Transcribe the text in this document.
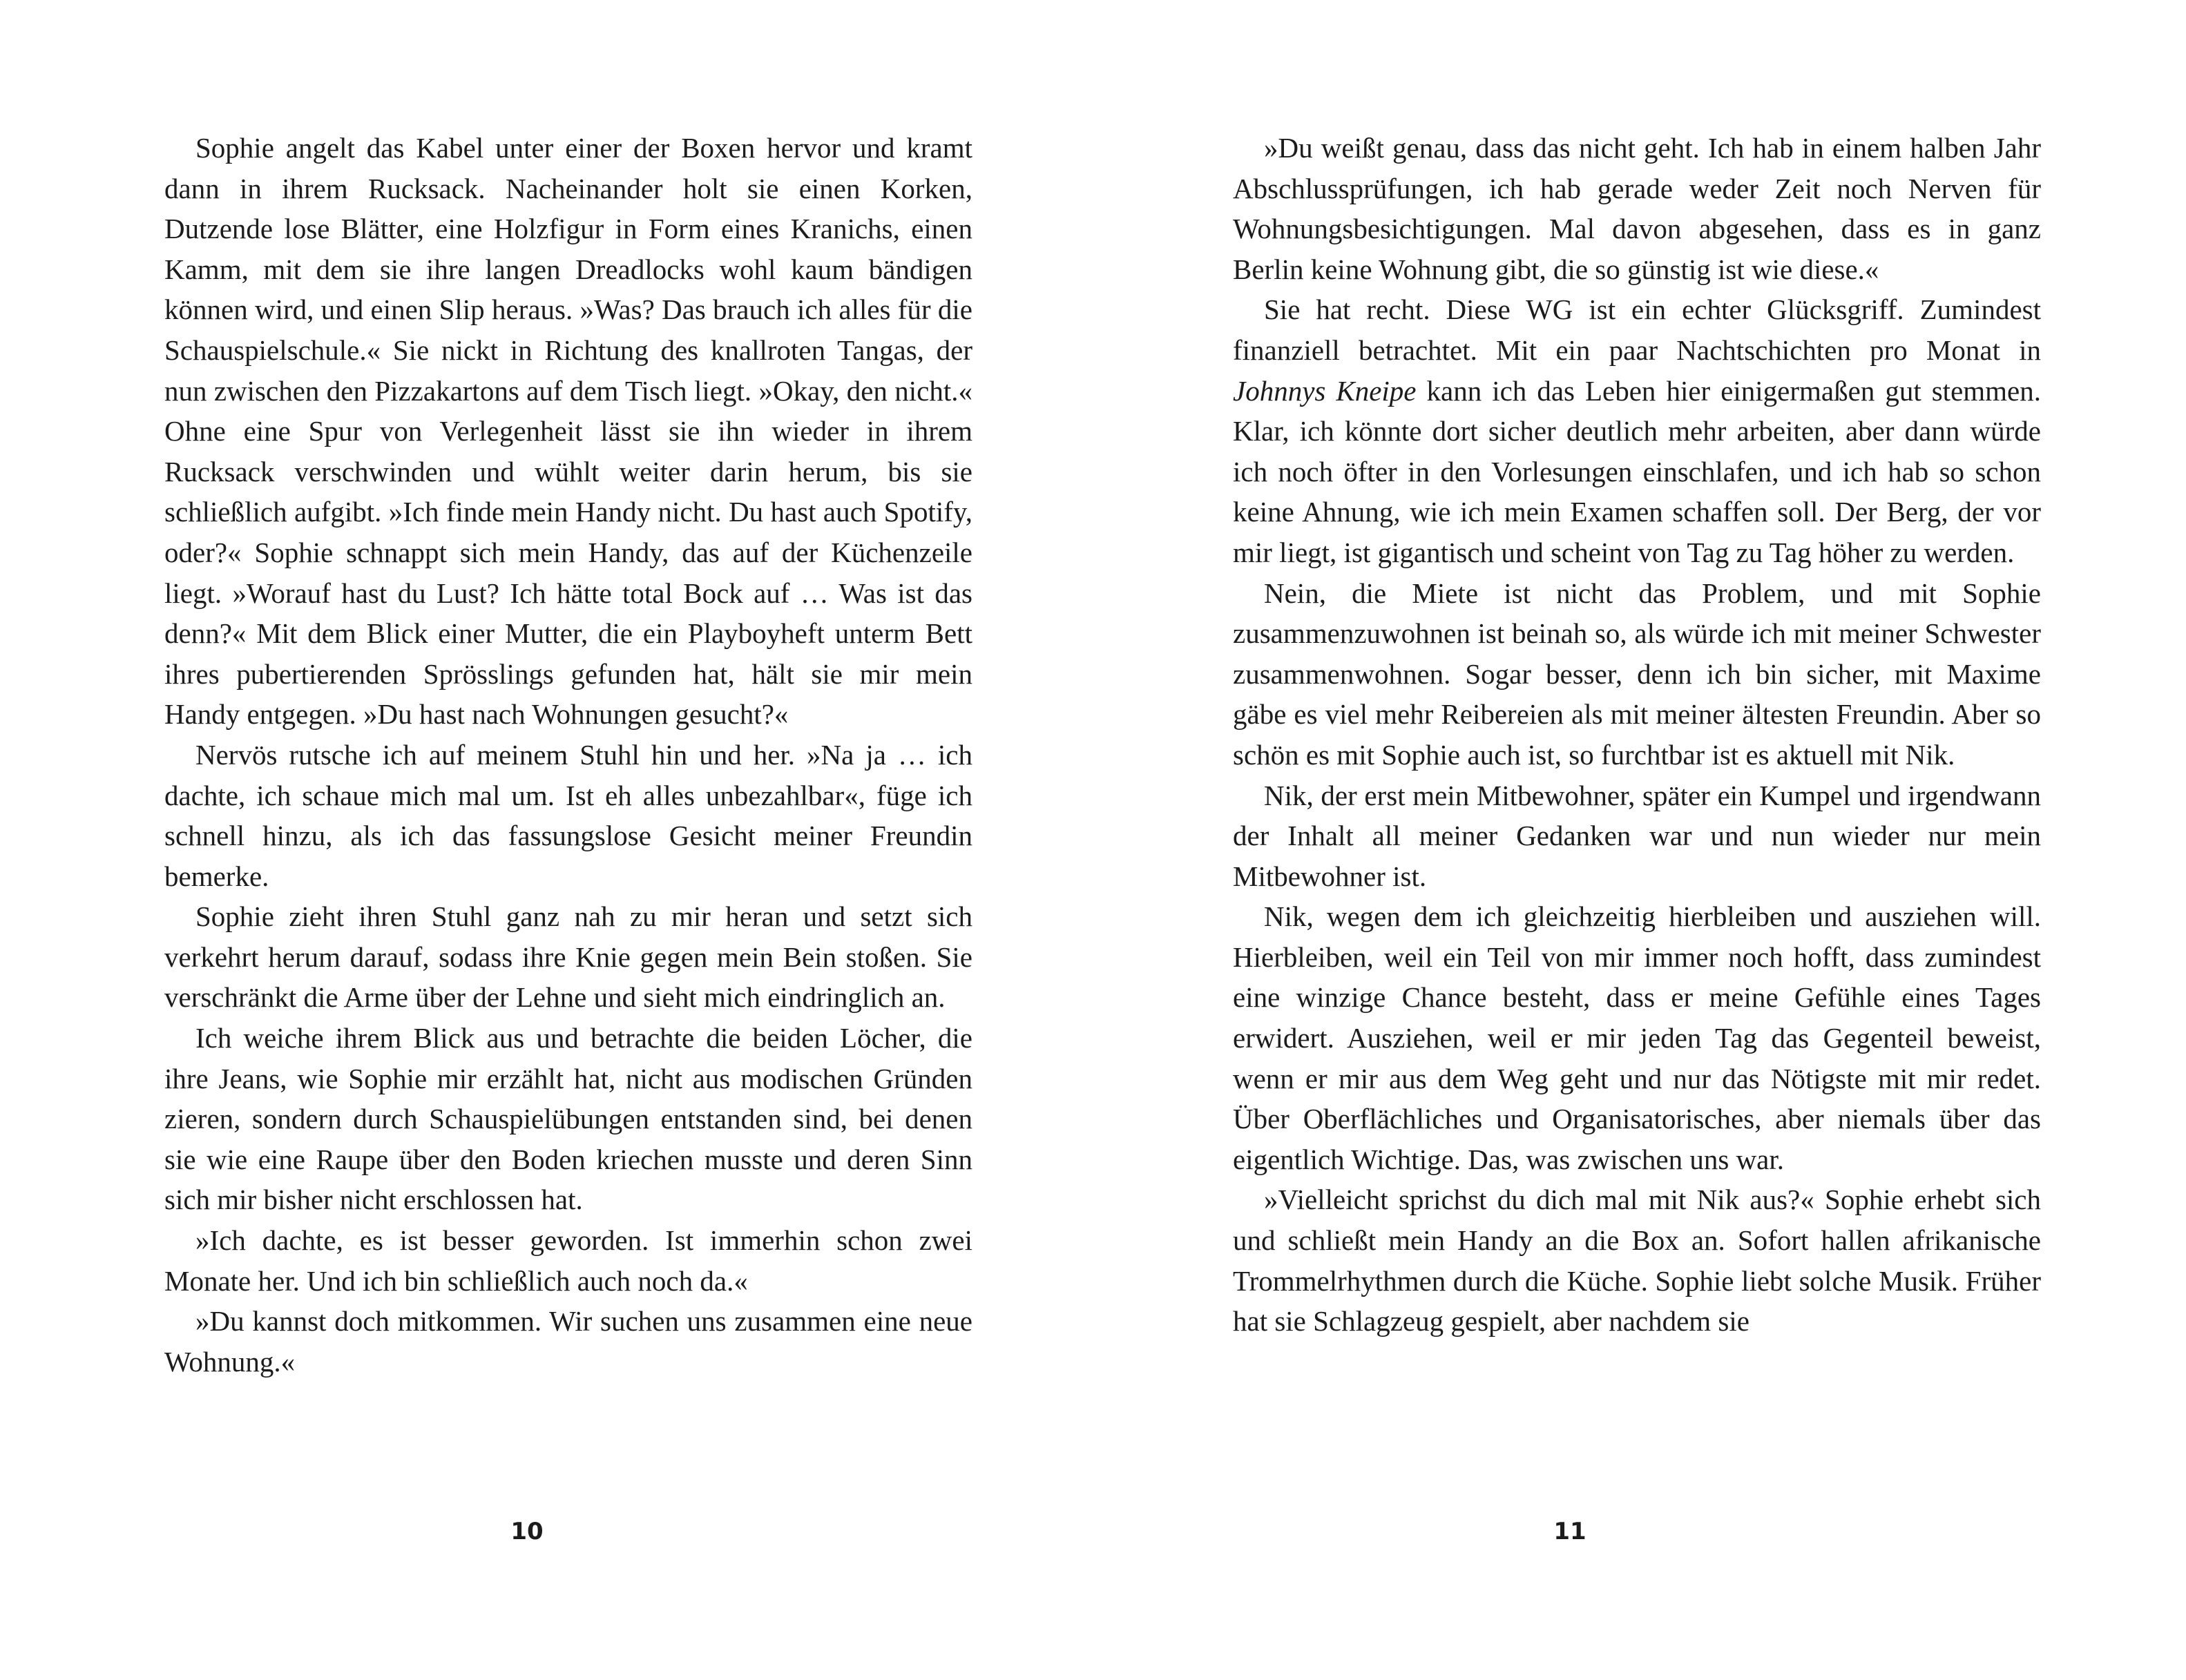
Sophie angelt das Kabel unter einer der Boxen hervor und kramt dann in ihrem Rucksack. Nacheinander holt sie einen Korken, Dutzende lose Blätter, eine Holzfigur in Form eines Kranichs, einen Kamm, mit dem sie ihre langen Dreadlocks wohl kaum bändigen können wird, und einen Slip heraus. »Was? Das brauch ich alles für die Schauspielschule.« Sie nickt in Richtung des knallroten Tangas, der nun zwischen den Pizzakartons auf dem Tisch liegt. »Okay, den nicht.« Ohne eine Spur von Verlegenheit lässt sie ihn wieder in ihrem Rucksack verschwinden und wühlt weiter darin herum, bis sie schließlich aufgibt. »Ich finde mein Handy nicht. Du hast auch Spotify, oder?« Sophie schnappt sich mein Handy, das auf der Küchenzeile liegt. »Worauf hast du Lust? Ich hätte total Bock auf … Was ist das denn?« Mit dem Blick einer Mutter, die ein Playboyheft unterm Bett ihres pubertierenden Sprösslings gefunden hat, hält sie mir mein Handy entgegen. »Du hast nach Wohnungen gesucht?«

Nervös rutsche ich auf meinem Stuhl hin und her. »Na ja … ich dachte, ich schaue mich mal um. Ist eh alles unbezahlbar«, füge ich schnell hinzu, als ich das fassungslose Gesicht meiner Freundin bemerke.

Sophie zieht ihren Stuhl ganz nah zu mir heran und setzt sich verkehrt herum darauf, sodass ihre Knie gegen mein Bein stoßen. Sie verschränkt die Arme über der Lehne und sieht mich eindringlich an.

Ich weiche ihrem Blick aus und betrachte die beiden Löcher, die ihre Jeans, wie Sophie mir erzählt hat, nicht aus modischen Gründen zieren, sondern durch Schauspielübungen entstanden sind, bei denen sie wie eine Raupe über den Boden kriechen musste und deren Sinn sich mir bisher nicht erschlossen hat.

»Ich dachte, es ist besser geworden. Ist immerhin schon zwei Monate her. Und ich bin schließlich auch noch da.«

»Du kannst doch mitkommen. Wir suchen uns zusammen eine neue Wohnung.«

10

»Du weißt genau, dass das nicht geht. Ich hab in einem halben Jahr Abschlussprüfungen, ich hab gerade weder Zeit noch Nerven für Wohnungsbesichtigungen. Mal davon abgesehen, dass es in ganz Berlin keine Wohnung gibt, die so günstig ist wie diese.«

Sie hat recht. Diese WG ist ein echter Glücksgriff. Zumindest finanziell betrachtet. Mit ein paar Nachtschichten pro Monat in Johnnys Kneipe kann ich das Leben hier einigermaßen gut stemmen. Klar, ich könnte dort sicher deutlich mehr arbeiten, aber dann würde ich noch öfter in den Vorlesungen einschlafen, und ich hab so schon keine Ahnung, wie ich mein Examen schaffen soll. Der Berg, der vor mir liegt, ist gigantisch und scheint von Tag zu Tag höher zu werden.

Nein, die Miete ist nicht das Problem, und mit Sophie zusammenzuwohnen ist beinah so, als würde ich mit meiner Schwester zusammenwohnen. Sogar besser, denn ich bin sicher, mit Maxime gäbe es viel mehr Reibereien als mit meiner ältesten Freundin. Aber so schön es mit Sophie auch ist, so furchtbar ist es aktuell mit Nik.

Nik, der erst mein Mitbewohner, später ein Kumpel und irgendwann der Inhalt all meiner Gedanken war und nun wieder nur mein Mitbewohner ist.

Nik, wegen dem ich gleichzeitig hierbleiben und ausziehen will. Hierbleiben, weil ein Teil von mir immer noch hofft, dass zumindest eine winzige Chance besteht, dass er meine Gefühle eines Tages erwidert. Ausziehen, weil er mir jeden Tag das Gegenteil beweist, wenn er mir aus dem Weg geht und nur das Nötigste mit mir redet. Über Oberflächliches und Organisatorisches, aber niemals über das eigentlich Wichtige. Das, was zwischen uns war.

»Vielleicht sprichst du dich mal mit Nik aus?« Sophie erhebt sich und schließt mein Handy an die Box an. Sofort hallen afrikanische Trommelrhythmen durch die Küche. Sophie liebt solche Musik. Früher hat sie Schlagzeug gespielt, aber nachdem sie

11
